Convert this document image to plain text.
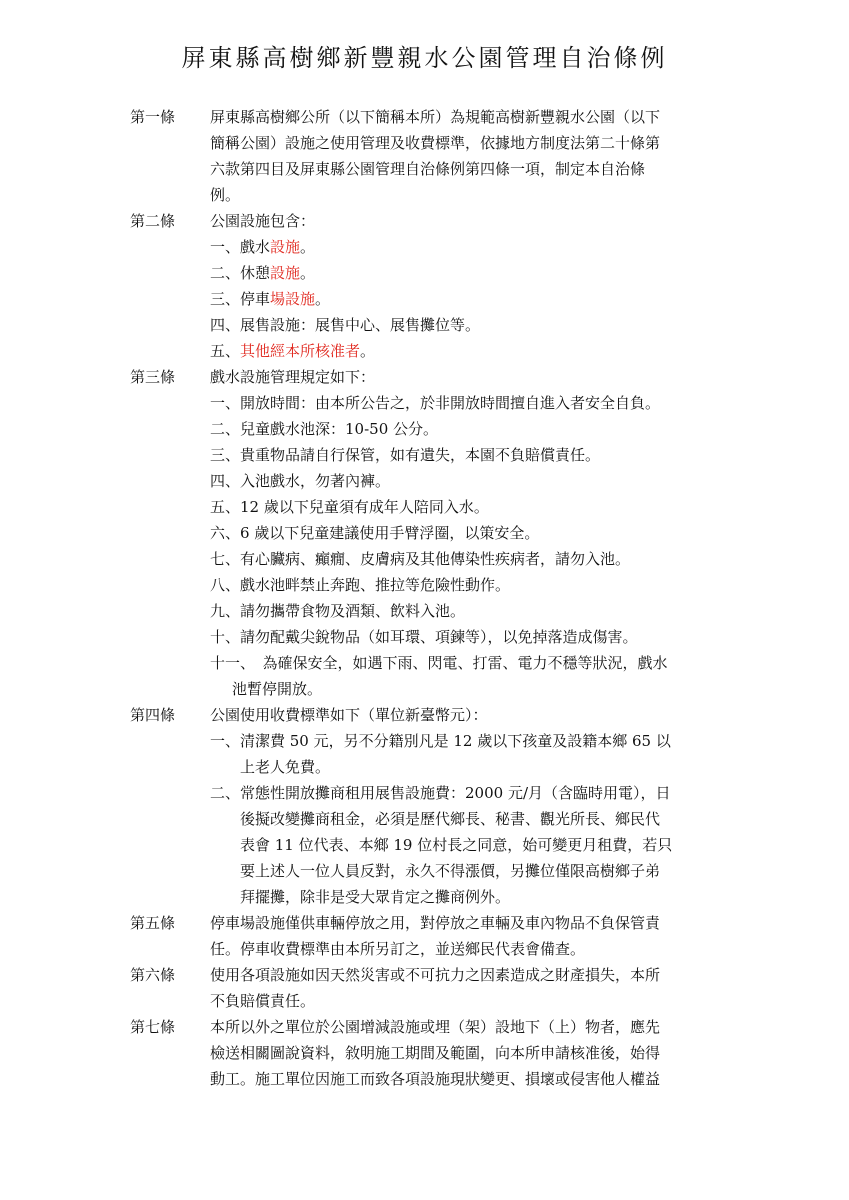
屏東縣高樹鄉新豐親水公園管理自治條例
第一條	屏東縣高樹鄉公所（以下簡稱本所）為規範高樹新豐親水公園（以下
簡稱公園）設施之使用管理及收費標準，依據地方制度法第二十條第
六款第四目及屏東縣公園管理自治條例第四條一項，制定本自治條
例。
第二條	公園設施包含：
一、戲水設施。
二、休憩設施。
三、停車場設施。
四、展售設施：展售中心、展售攤位等。
五、其他經本所核准者。
第三條	戲水設施管理規定如下：
一、開放時間：由本所公告之，於非開放時間擅自進入者安全自負。
二、兒童戲水池深：10-50 公分。
三、貴重物品請自行保管，如有遺失，本園不負賠償責任。
四、入池戲水，勿著內褲。
五、12 歲以下兒童須有成年人陪同入水。
六、6 歲以下兒童建議使用手臂浮圈，以策安全。
七、有心臟病、癲癇、皮膚病及其他傳染性疾病者，請勿入池。
八、戲水池畔禁止奔跑、推拉等危險性動作。
九、請勿攜帶食物及酒類、飲料入池。
十、請勿配戴尖銳物品（如耳環、項鍊等），以免掉落造成傷害。
十一、　為確保安全，如遇下雨、閃電、打雷、電力不穩等狀況，戲水
池暫停開放。
第四條	公園使用收費標準如下（單位新臺幣元）：
一、清潔費 50 元，另不分籍別凡是 12 歲以下孩童及設籍本鄉 65 以
上老人免費。
二、常態性開放攤商租用展售設施費：2000 元/月（含臨時用電），日
後擬改變攤商租金，必須是歷代鄉長、秘書、觀光所長、鄉民代
表會 11 位代表、本鄉 19 位村長之同意，始可變更月租費，若只
要上述人一位人員反對，永久不得漲價，另攤位僅限高樹鄉子弟
拜擺攤，除非是受大眾肯定之攤商例外。
第五條	停車場設施僅供車輛停放之用，對停放之車輛及車內物品不負保管責
任。停車收費標準由本所另訂之，並送鄉民代表會備查。
第六條	使用各項設施如因天然災害或不可抗力之因素造成之財產損失，本所
不負賠償責任。
第七條	本所以外之單位於公園增減設施或埋（架）設地下（上）物者，應先
檢送相關圖說資料，敘明施工期間及範圍，向本所申請核准後，始得
動工。施工單位因施工而致各項設施現狀變更、損壞或侵害他人權益
